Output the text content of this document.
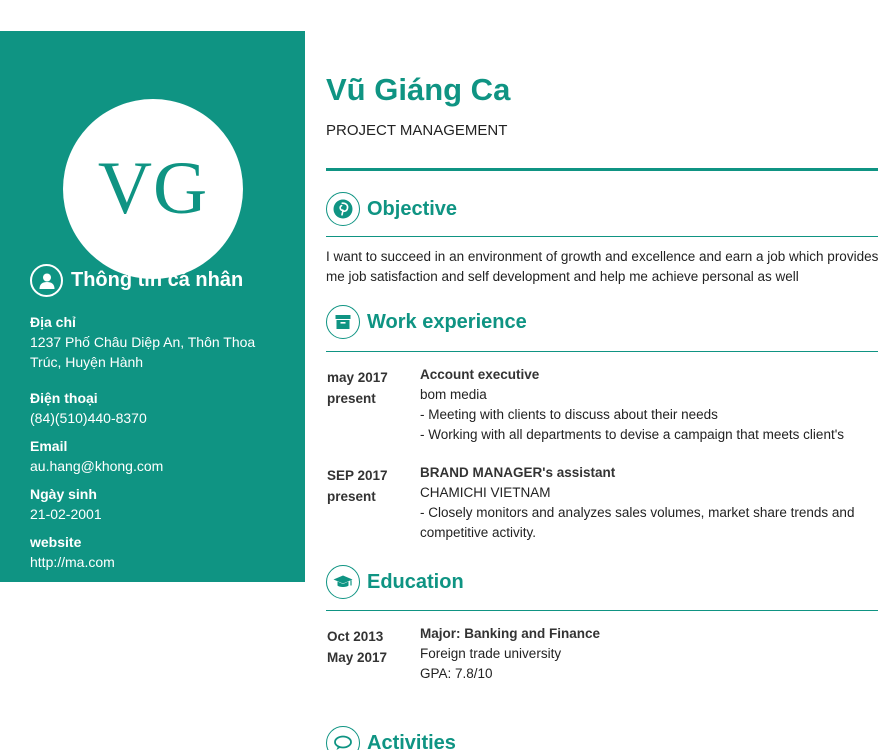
VG
Thông tin cá nhân
Địa chỉ
1237 Phố Châu Diệp An, Thôn Thoa Trúc, Huyện Hành
Điện thoại
(84)(510)440-8370
Email
au.hang@khong.com
Ngày sinh
21-02-2001
website
http://ma.com
Vũ Giáng Ca
PROJECT MANAGEMENT
Objective
I want to succeed in an environment of growth and excellence and earn a job which provides me job satisfaction and self development and help me achieve personal as well
Work experience
may 2017
present
Account executive
bom media
- Meeting with clients to discuss about their needs
- Working with all departments to devise a campaign that meets client's
SEP 2017
present
BRAND MANAGER's assistant
CHAMICHI VIETNAM
- Closely monitors and analyzes sales volumes, market share trends and competitive activity.
Education
Oct 2013
May 2017
Major: Banking and Finance
Foreign trade university
GPA: 7.8/10
Activities
